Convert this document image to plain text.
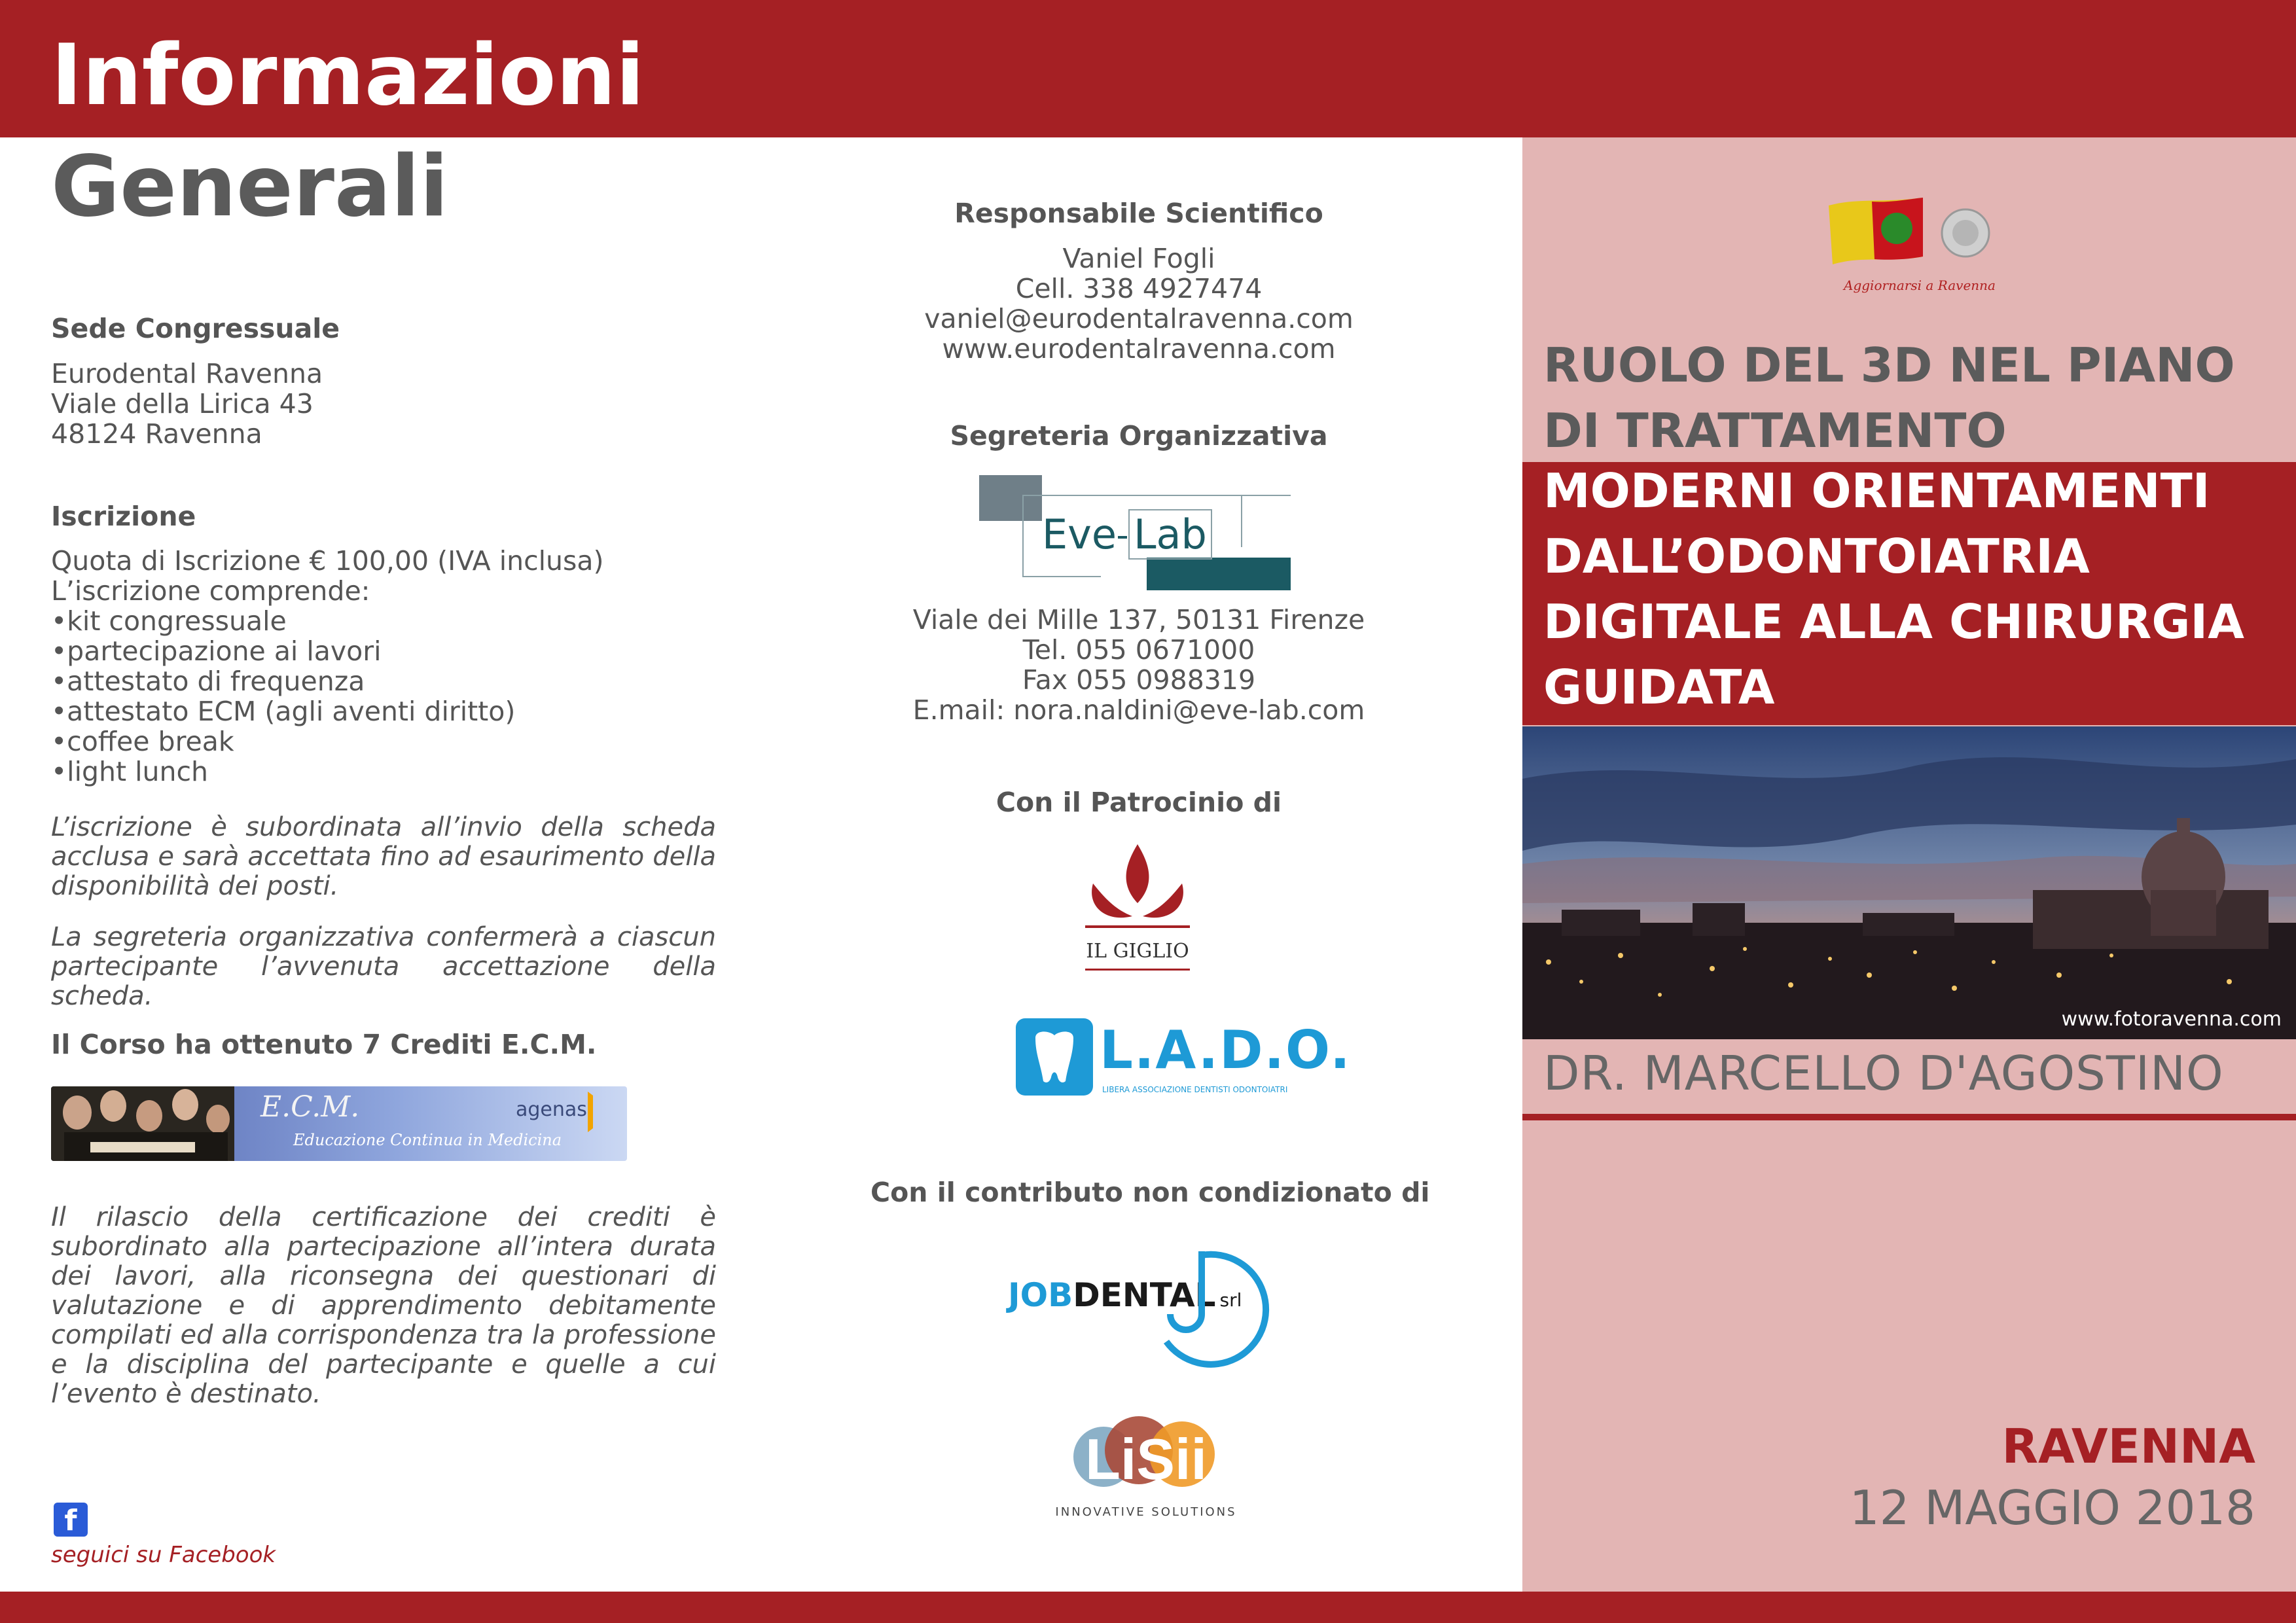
Informazioni
Generali
Sede Congressuale
Eurodental Ravenna
Viale della Lirica 43
48124 Ravenna
Iscrizione
Quota di Iscrizione € 100,00 (IVA inclusa)
L’iscrizione comprende:
•kit congressuale
•partecipazione ai lavori
•attestato di frequenza
•attestato ECM (agli aventi diritto)
•coffee break
•light lunch
L’iscrizione è subordinata all’invio della scheda acclusa e sarà accettata fino ad esaurimento della disponibilità dei posti.
La segreteria organizzativa confermerà a ciascun partecipante l’avvenuta accettazione della scheda.
Il Corso ha ottenuto 7 Crediti E.C.M.
E.C.M.
Educazione Continua in Medicina
agenas
Il rilascio della certificazione dei crediti è subordinato alla partecipazione all’intera durata dei lavori, alla riconsegna dei questionari di valutazione e di apprendimento debitamente compilati ed alla corrispondenza tra la professione e la disciplina del partecipante e quelle a cui l’evento è destinato.
f
seguici su Facebook
Responsabile Scientifico
Vaniel Fogli
Cell. 338 4927474
vaniel@eurodentalravenna.com
www.eurodentalravenna.com
Segreteria Organizzativa
Eve Lab
Viale dei Mille 137, 50131 Firenze
Tel. 055 0671000
Fax 055 0988319
E.mail: nora.naldini@eve-lab.com
Con il Patrocinio di
IL GIGLIO
L.A.D.O.
LIBERA ASSOCIAZIONE DENTISTI ODONTOIATRI
Con il contributo non condizionato di
JOBDENTAL srl
LiSii
INNOVATIVE SOLUTIONS
Aggiornarsi a Ravenna
RUOLO DEL 3D NEL PIANO DI TRATTAMENTO
MODERNI ORIENTAMENTI DALL’ODONTOIATRIA DIGITALE ALLA CHIRURGIA GUIDATA
www.fotoravenna.com
DR. MARCELLO D'AGOSTINO
RAVENNA
12 MAGGIO 2018
